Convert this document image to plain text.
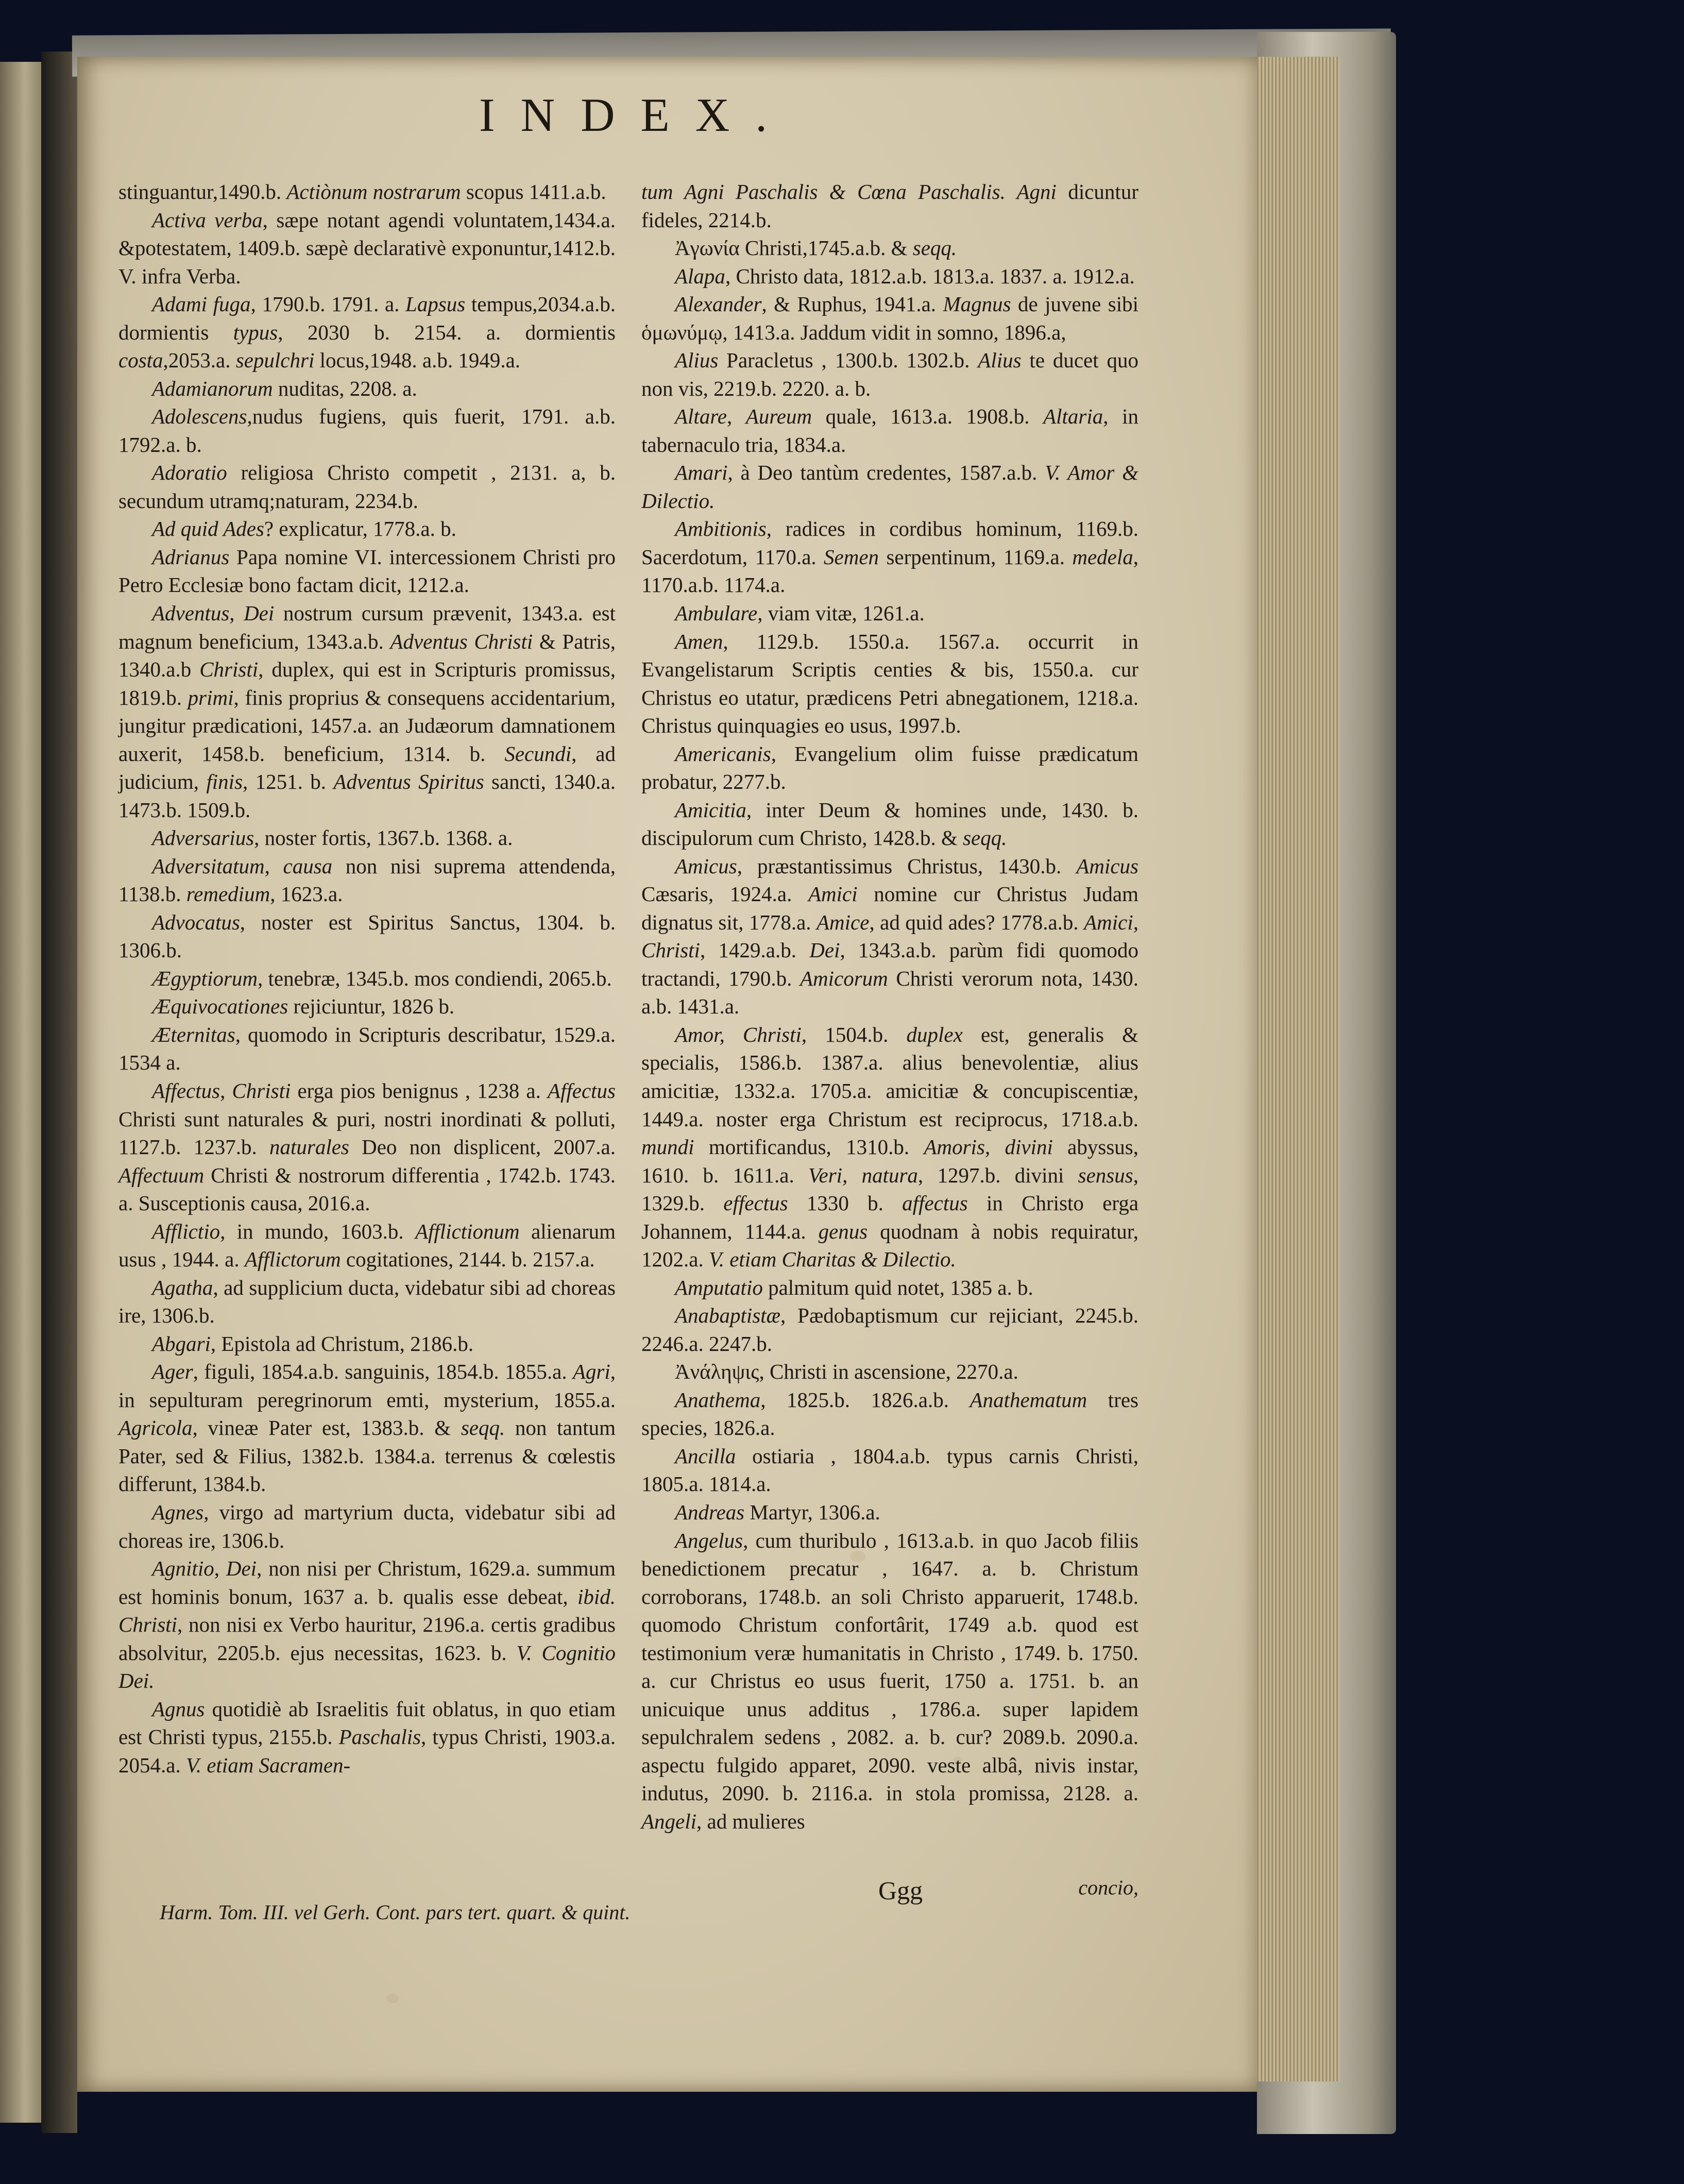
INDEX.

stinguantur,1490.b. Actiònum nostrarum scopus 1411.a.b.

Activa verba, sæpe notant agendi voluntatem,1434.a. &potestatem, 1409.b. sæpè declarativè exponuntur,1412.b. V. infra Verba.

Adami fuga, 1790.b. 1791. a. Lapsus tempus,2034.a.b. dormientis typus, 2030 b. 2154. a. dormientis costa,2053.a. sepulchri locus,1948. a.b. 1949.a.

Adamianorum nuditas, 2208. a.

Adolescens,nudus fugiens, quis fuerit, 1791. a.b. 1792.a. b.

Adoratio religiosa Christo competit , 2131. a, b. secundum utramq;naturam, 2234.b.

Ad quid Ades? explicatur, 1778.a. b.

Adrianus Papa nomine VI. intercessionem Christi pro Petro Ecclesiæ bono factam dicit, 1212.a.

Adventus, Dei nostrum cursum prævenit, 1343.a. est magnum beneficium, 1343.a.b. Adventus Christi & Patris, 1340.a.b Christi, duplex, qui est in Scripturis promissus, 1819.b. primi, finis proprius & consequens accidentarium, jungitur prædicationi, 1457.a. an Judæorum damnationem auxerit, 1458.b. beneficium, 1314. b. Secundi, ad judicium, finis, 1251. b. Adventus Spiritus sancti, 1340.a. 1473.b. 1509.b.

Adversarius, noster fortis, 1367.b. 1368. a.

Adversitatum, causa non nisi suprema attendenda, 1138.b. remedium, 1623.a.

Advocatus, noster est Spiritus Sanctus, 1304. b. 1306.b.

Ægyptiorum, tenebræ, 1345.b. mos condiendi, 2065.b.

Æquivocationes rejiciuntur, 1826 b.

Æternitas, quomodo in Scripturis describatur, 1529.a. 1534 a.

Affectus, Christi erga pios benignus , 1238 a. Affectus Christi sunt naturales & puri, nostri inordinati & polluti, 1127.b. 1237.b. naturales Deo non displicent, 2007.a. Affectuum Christi & nostrorum differentia , 1742.b. 1743. a. Susceptionis causa, 2016.a.

Afflictio, in mundo, 1603.b. Afflictionum alienarum usus , 1944. a. Afflictorum cogitationes, 2144. b. 2157.a.

Agatha, ad supplicium ducta, videbatur sibi ad choreas ire, 1306.b.

Abgari, Epistola ad Christum, 2186.b.

Ager, figuli, 1854.a.b. sanguinis, 1854.b. 1855.a. Agri, in sepulturam peregrinorum emti, mysterium, 1855.a. Agricola, vineæ Pater est, 1383.b. & seqq. non tantum Pater, sed & Filius, 1382.b. 1384.a. terrenus & cœlestis differunt, 1384.b.

Agnes, virgo ad martyrium ducta, videbatur sibi ad choreas ire, 1306.b.

Agnitio, Dei, non nisi per Christum, 1629.a. summum est hominis bonum, 1637 a. b. qualis esse debeat, ibid. Christi, non nisi ex Verbo hauritur, 2196.a. certis gradibus absolvitur, 2205.b. ejus necessitas, 1623. b. V. Cognitio Dei.

Agnus quotidiè ab Israelitis fuit oblatus, in quo etiam est Christi typus, 2155.b. Paschalis, typus Christi, 1903.a. 2054.a. V. etiam Sacramen-

tum Agni Paschalis & Cœna Paschalis. Agni dicuntur fideles, 2214.b.

Ἀγωνία Christi,1745.a.b. & seqq.

Alapa, Christo data, 1812.a.b. 1813.a. 1837. a. 1912.a.

Alexander, & Ruphus, 1941.a. Magnus de juvene sibi ὁμωνύμῳ, 1413.a. Jaddum vidit in somno, 1896.a,

Alius Paracletus , 1300.b. 1302.b. Alius te ducet quo non vis, 2219.b. 2220. a. b.

Altare, Aureum quale, 1613.a. 1908.b. Altaria, in tabernaculo tria, 1834.a.

Amari, à Deo tantùm credentes, 1587.a.b. V. Amor & Dilectio.

Ambitionis, radices in cordibus hominum, 1169.b. Sacerdotum, 1170.a. Semen serpentinum, 1169.a. medela, 1170.a.b. 1174.a.

Ambulare, viam vitæ, 1261.a.

Amen, 1129.b. 1550.a. 1567.a. occurrit in Evangelistarum Scriptis centies & bis, 1550.a. cur Christus eo utatur, prædicens Petri abnegationem, 1218.a. Christus quinquagies eo usus, 1997.b.

Americanis, Evangelium olim fuisse prædicatum probatur, 2277.b.

Amicitia, inter Deum & homines unde, 1430. b. discipulorum cum Christo, 1428.b. & seqq.

Amicus, præstantissimus Christus, 1430.b. Amicus Cæsaris, 1924.a. Amici nomine cur Christus Judam dignatus sit, 1778.a. Amice, ad quid ades? 1778.a.b. Amici, Christi, 1429.a.b. Dei, 1343.a.b. parùm fidi quomodo tractandi, 1790.b. Amicorum Christi verorum nota, 1430. a.b. 1431.a.

Amor, Christi, 1504.b. duplex est, generalis & specialis, 1586.b. 1387.a. alius benevolentiæ, alius amicitiæ, 1332.a. 1705.a. amicitiæ & concupiscentiæ, 1449.a. noster erga Christum est reciprocus, 1718.a.b. mundi mortificandus, 1310.b. Amoris, divini abyssus, 1610. b. 1611.a. Veri, natura, 1297.b. divini sensus, 1329.b. effectus 1330 b. affectus in Christo erga Johannem, 1144.a. genus quodnam à nobis requiratur, 1202.a. V. etiam Charitas & Dilectio.

Amputatio palmitum quid notet, 1385 a. b.

Anabaptistæ, Pædobaptismum cur rejiciant, 2245.b. 2246.a. 2247.b.

Ἀνάληψις, Christi in ascensione, 2270.a.

Anathema, 1825.b. 1826.a.b. Anathematum tres species, 1826.a.

Ancilla ostiaria , 1804.a.b. typus carnis Christi, 1805.a. 1814.a.

Andreas Martyr, 1306.a.

Angelus, cum thuribulo , 1613.a.b. in quo Jacob filiis benedictionem precatur , 1647. a. b. Christum corroborans, 1748.b. an soli Christo apparuerit, 1748.b. quomodo Christum confortârit, 1749 a.b. quod est testimonium veræ humanitatis in Christo , 1749. b. 1750. a. cur Christus eo usus fuerit, 1750 a. 1751. b. an unicuique unus additus , 1786.a. super lapidem sepulchralem sedens , 2082. a. b. cur? 2089.b. 2090.a. aspectu fulgido apparet, 2090. veste albâ, nivis instar, indutus, 2090. b. 2116.a. in stola promissa, 2128. a. Angeli, ad mulieres

Ggg	concio,
Harm. Tom. III. vel Gerh. Cont. pars tert. quart. & quint.
